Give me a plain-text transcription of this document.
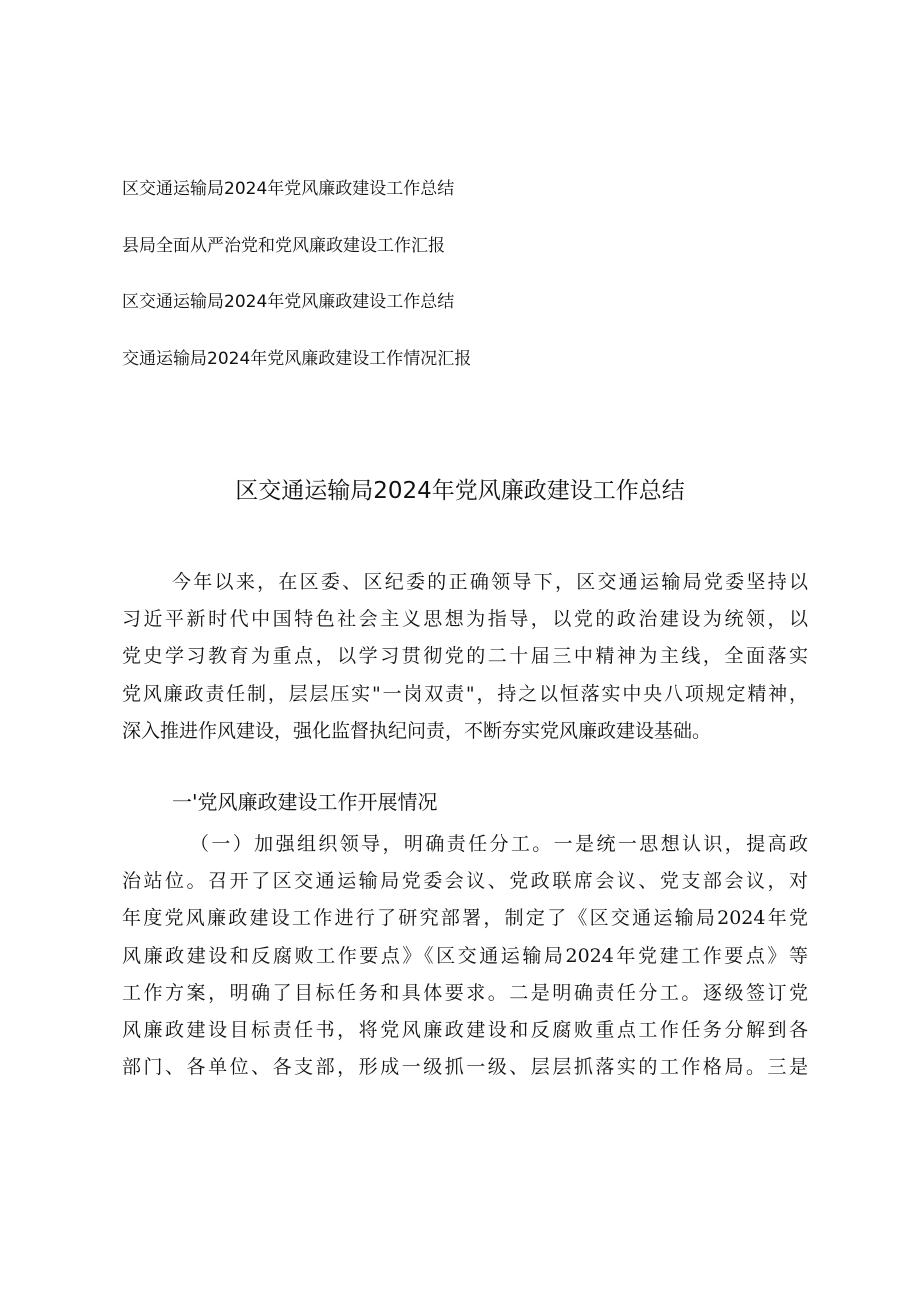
区交通运输局2024年党风廉政建设工作总结
县局全面从严治党和党风廉政建设工作汇报
区交通运输局2024年党风廉政建设工作总结
交通运输局2024年党风廉政建设工作情况汇报
区交通运输局2024年党风廉政建设工作总结
今年以来，在区委、区纪委的正确领导下，区交通运输局党委坚持以
习近平新时代中国特色社会主义思想为指导，以党的政治建设为统领，以
党史学习教育为重点，以学习贯彻党的二十届三中精神为主线，全面落实
党风廉政责任制，层层压实"一岗双责"，持之以恒落实中央八项规定精神，
深入推进作风建设，强化监督执纪问责，不断夯实党风廉政建设基础。
一'党风廉政建设工作开展情况
（一）加强组织领导，明确责任分工。一是统一思想认识，提高政
治站位。召开了区交通运输局党委会议、党政联席会议、党支部会议，对
年度党风廉政建设工作进行了研究部署，制定了《区交通运输局2024年党
风廉政建设和反腐败工作要点》《区交通运输局2024年党建工作要点》等
工作方案，明确了目标任务和具体要求。二是明确责任分工。逐级签订党
风廉政建设目标责任书，将党风廉政建设和反腐败重点工作任务分解到各
部门、各单位、各支部，形成一级抓一级、层层抓落实的工作格局。三是
